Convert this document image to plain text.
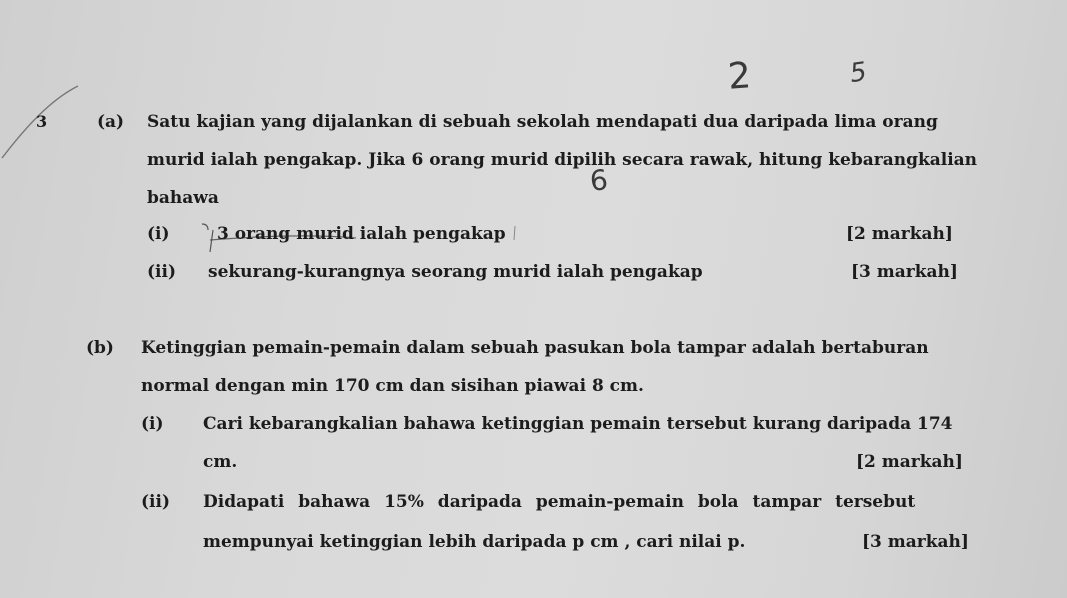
2	5
6
3	(a) Satu kajian yang dijalankan di sebuah sekolah mendapati dua daripada lima orang
murid ialah pengakap. Jika 6 orang murid dipilih secara rawak, hitung kebarangkalian
bahawa
(i)	3 orang murid ialah pengakap	[2 markah]
(ii) sekurang-kurangnya seorang murid ialah pengakap	[3 markah]
(b) Ketinggian pemain-pemain dalam sebuah pasukan bola tampar adalah bertaburan
normal dengan min 170 cm dan sisihan piawai 8 cm.
(i) Cari kebarangkalian bahawa ketinggian pemain tersebut kurang daripada 174
cm.	[2 markah]
(ii) Didapati bahawa 15% daripada pemain-pemain bola tampar tersebut
mempunyai ketinggian lebih daripada p cm , cari nilai p.	[3 markah]
